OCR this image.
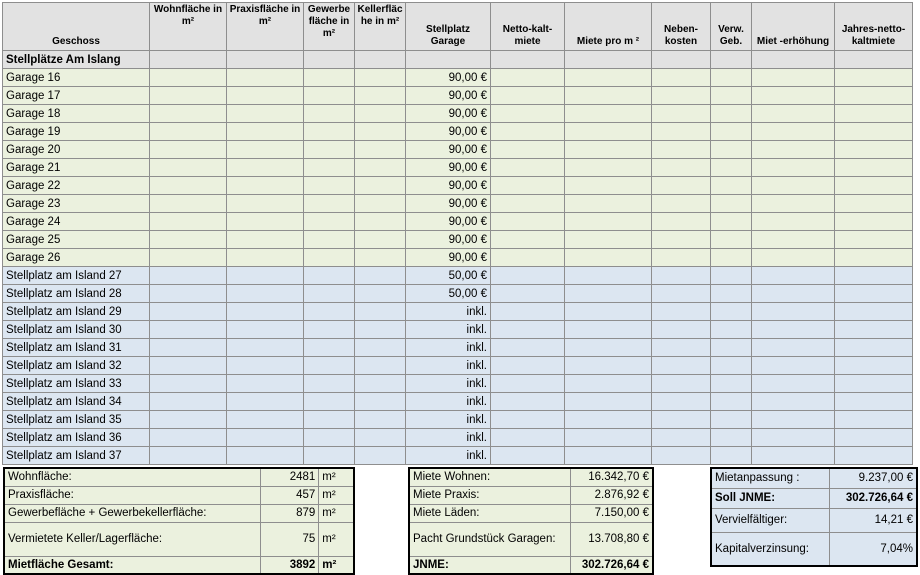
Geschoss	Wohnfläche in m²	Praxisfläche in m²	Gewerbe fläche in m²	Kellerfläc he in m²	Stellplatz Garage	Netto-kalt-miete	Miete pro m ²	Neben-kosten	Verw. Geb.	Miet -erhöhung	Jahres-netto-kaltmiete
Stellplätze Am Islang											
Garage 16					90,00 €						
Garage 17					90,00 €						
Garage 18					90,00 €						
Garage 19					90,00 €						
Garage 20					90,00 €						
Garage 21					90,00 €						
Garage 22					90,00 €						
Garage 23					90,00 €						
Garage 24					90,00 €						
Garage 25					90,00 €						
Garage 26					90,00 €						
Stellplatz am Island 27					50,00 €						
Stellplatz am Island 28					50,00 €						
Stellplatz am Island 29					inkl.						
Stellplatz am Island 30					inkl.						
Stellplatz am Island 31					inkl.						
Stellplatz am Island 32					inkl.						
Stellplatz am Island 33					inkl.						
Stellplatz am Island 34					inkl.						
Stellplatz am Island 35					inkl.						
Stellplatz am Island 36					inkl.						
Stellplatz am Island 37					inkl.						
Wohnfläche:	2481	m²
Praxisfläche:	457	m²
Gewerbefläche + Gewerbekellerfläche:	879	m²
Vermietete Keller/Lagerfläche:	75	m²
Mietfläche Gesamt:	3892	m²
Miete Wohnen:	16.342,70 €
Miete Praxis:	2.876,92 €
Miete Läden:	7.150,00 €
Pacht Grundstück Garagen:	13.708,80 €
JNME:	302.726,64 €
Mietanpassung :	9.237,00 €
Soll JNME:	302.726,64 €
Vervielfältiger:	14,21 €
Kapitalverzinsung:	7,04%
